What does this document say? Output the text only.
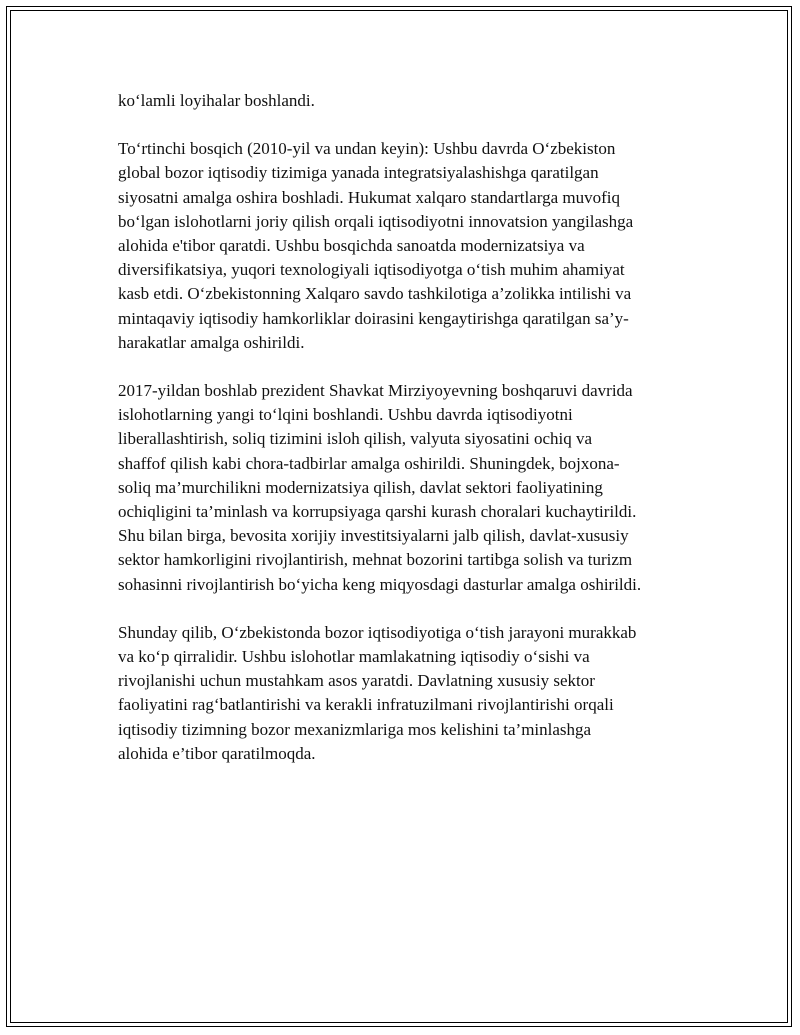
ko‘lamli loyihalar boshlandi.

To‘rtinchi bosqich (2010-yil va undan keyin): Ushbu davrda O‘zbekiston
global bozor iqtisodiy tizimiga yanada integratsiyalashishga qaratilgan
siyosatni amalga oshira boshladi. Hukumat xalqaro standartlarga muvofiq
bo‘lgan islohotlarni joriy qilish orqali iqtisodiyotni innovatsion yangilashga
alohida e'tibor qaratdi. Ushbu bosqichda sanoatda modernizatsiya va
diversifikatsiya, yuqori texnologiyali iqtisodiyotga o‘tish muhim ahamiyat
kasb etdi. O‘zbekistonning Xalqaro savdo tashkilotiga a’zolikka intilishi va
mintaqaviy iqtisodiy hamkorliklar doirasini kengaytirishga qaratilgan sa’y-
harakatlar amalga oshirildi.

2017-yildan boshlab prezident Shavkat Mirziyoyevning boshqaruvi davrida
islohotlarning yangi to‘lqini boshlandi. Ushbu davrda iqtisodiyotni
liberallashtirish, soliq tizimini isloh qilish, valyuta siyosatini ochiq va
shaffof qilish kabi chora-tadbirlar amalga oshirildi. Shuningdek, bojxona-
soliq ma’murchilikni modernizatsiya qilish, davlat sektori faoliyatining
ochiqligini ta’minlash va korrupsiyaga qarshi kurash choralari kuchaytirildi.
Shu bilan birga, bevosita xorijiy investitsiyalarni jalb qilish, davlat-xususiy
sektor hamkorligini rivojlantirish, mehnat bozorini tartibga solish va turizm
sohasinni rivojlantirish bo‘yicha keng miqyosdagi dasturlar amalga oshirildi.

Shunday qilib, O‘zbekistonda bozor iqtisodiyotiga o‘tish jarayoni murakkab
va ko‘p qirralidir. Ushbu islohotlar mamlakatning iqtisodiy o‘sishi va
rivojlanishi uchun mustahkam asos yaratdi. Davlatning xususiy sektor
faoliyatini rag‘batlantirishi va kerakli infratuzilmani rivojlantirishi orqali
iqtisodiy tizimning bozor mexanizmlariga mos kelishini ta’minlashga
alohida e’tibor qaratilmoqda.
